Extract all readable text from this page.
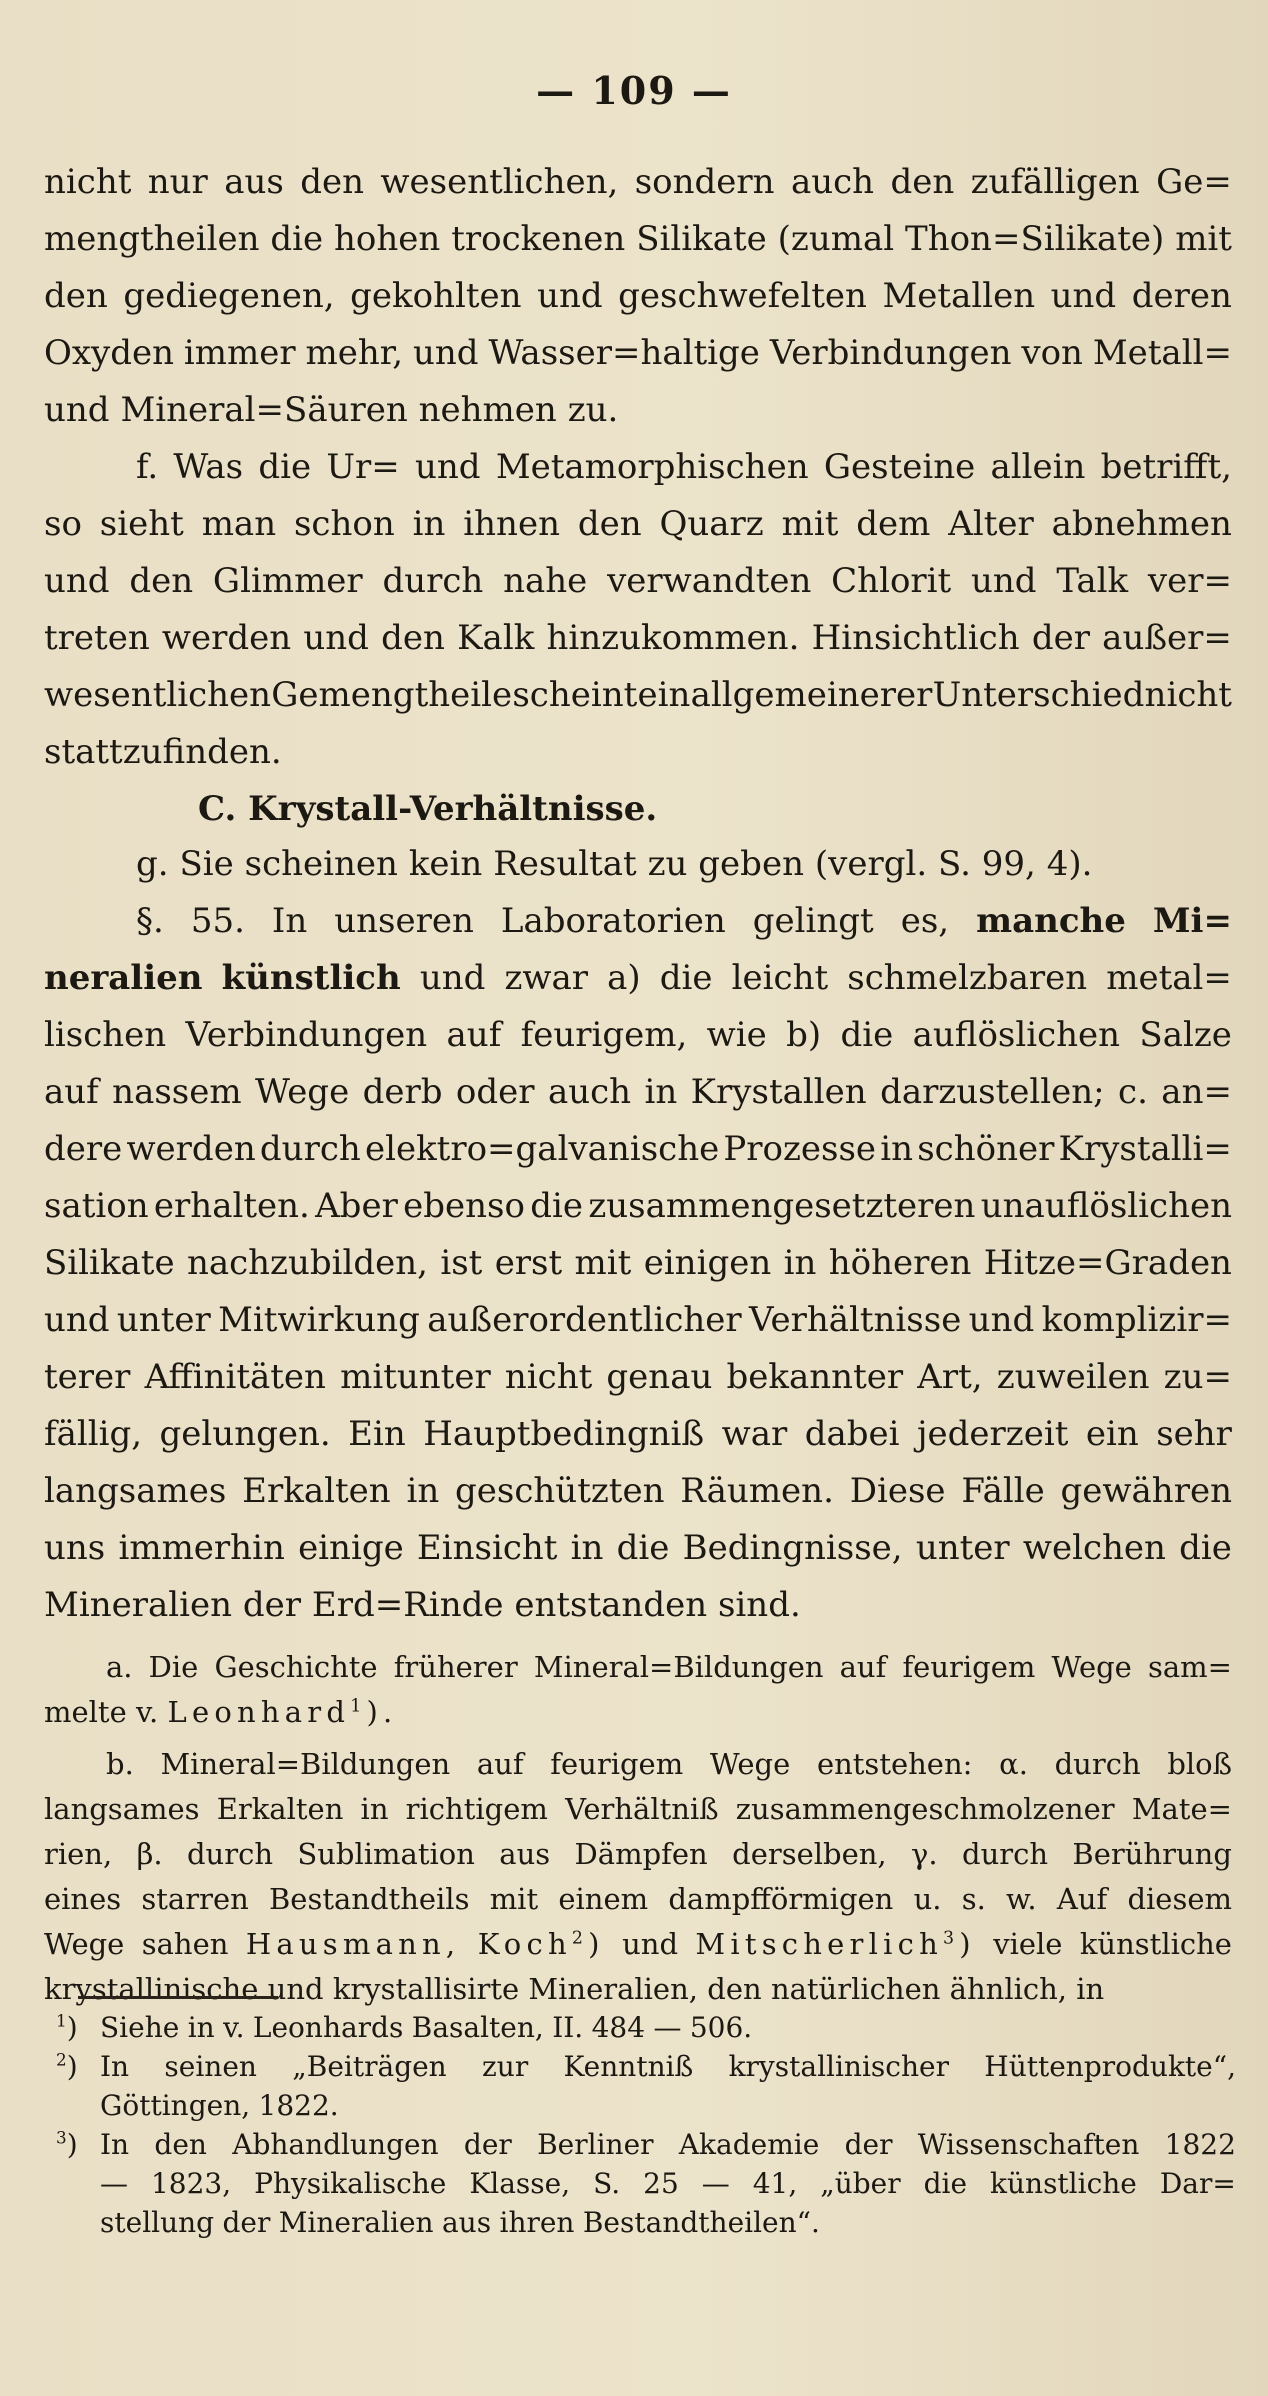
— 109 —
nicht nur aus den wesentlichen, sondern auch den zufälligen Ge=
mengtheilen die hohen trockenen Silikate (zumal Thon=Silikate) mit
den gediegenen, gekohlten und geschwefelten Metallen und deren
Oxyden immer mehr, und Wasser=haltige Verbindungen von Metall=
und Mineral=Säuren nehmen zu.
f. Was die Ur= und Metamorphischen Gesteine allein betrifft,
so sieht man schon in ihnen den Quarz mit dem Alter abnehmen
und den Glimmer durch nahe verwandten Chlorit und Talk ver=
treten werden und den Kalk hinzukommen. Hinsichtlich der außer=
wesentlichen Gemengtheile scheint ein allgemeinerer Unterschied nicht
stattzufinden.
C. Krystall-Verhältnisse.
g. Sie scheinen kein Resultat zu geben (vergl. S. 99, 4).
§. 55. In unseren Laboratorien gelingt es, manche Mi=
neralien künstlich und zwar a) die leicht schmelzbaren metal=
lischen Verbindungen auf feurigem, wie b) die auflöslichen Salze
auf nassem Wege derb oder auch in Krystallen darzustellen; c. an=
dere werden durch elektro=galvanische Prozesse in schöner Krystalli=
sation erhalten. Aber ebenso die zusammengesetzteren unauflöslichen
Silikate nachzubilden, ist erst mit einigen in höheren Hitze=Graden
und unter Mitwirkung außerordentlicher Verhältnisse und komplizir=
terer Affinitäten mitunter nicht genau bekannter Art, zuweilen zu=
fällig, gelungen. Ein Hauptbedingniß war dabei jederzeit ein sehr
langsames Erkalten in geschützten Räumen. Diese Fälle gewähren
uns immerhin einige Einsicht in die Bedingnisse, unter welchen die
Mineralien der Erd=Rinde entstanden sind.
a. Die Geschichte früherer Mineral=Bildungen auf feurigem Wege sam=
melte v. Leonhard$^1$).
b. Mineral=Bildungen auf feurigem Wege entstehen: α. durch bloß
langsames Erkalten in richtigem Verhältniß zusammengeschmolzener Mate=
rien, β. durch Sublimation aus Dämpfen derselben, γ. durch Berührung
eines starren Bestandtheils mit einem dampfförmigen u. s. w. Auf diesem
Wege sahen Hausmann, Koch$^2$) und Mitscherlich$^3$) viele künstliche
krystallinische und krystallisirte Mineralien, den natürlichen ähnlich, in
$^1$) Siehe in v. Leonhards Basalten, II. 484 — 506.
$^2$) In seinen „Beiträgen zur Kenntniß krystallinischer Hüttenprodukte“,
Göttingen, 1822.
$^3$) In den Abhandlungen der Berliner Akademie der Wissenschaften 1822
— 1823, Physikalische Klasse, S. 25 — 41, „über die künstliche Dar=
stellung der Mineralien aus ihren Bestandtheilen“.
